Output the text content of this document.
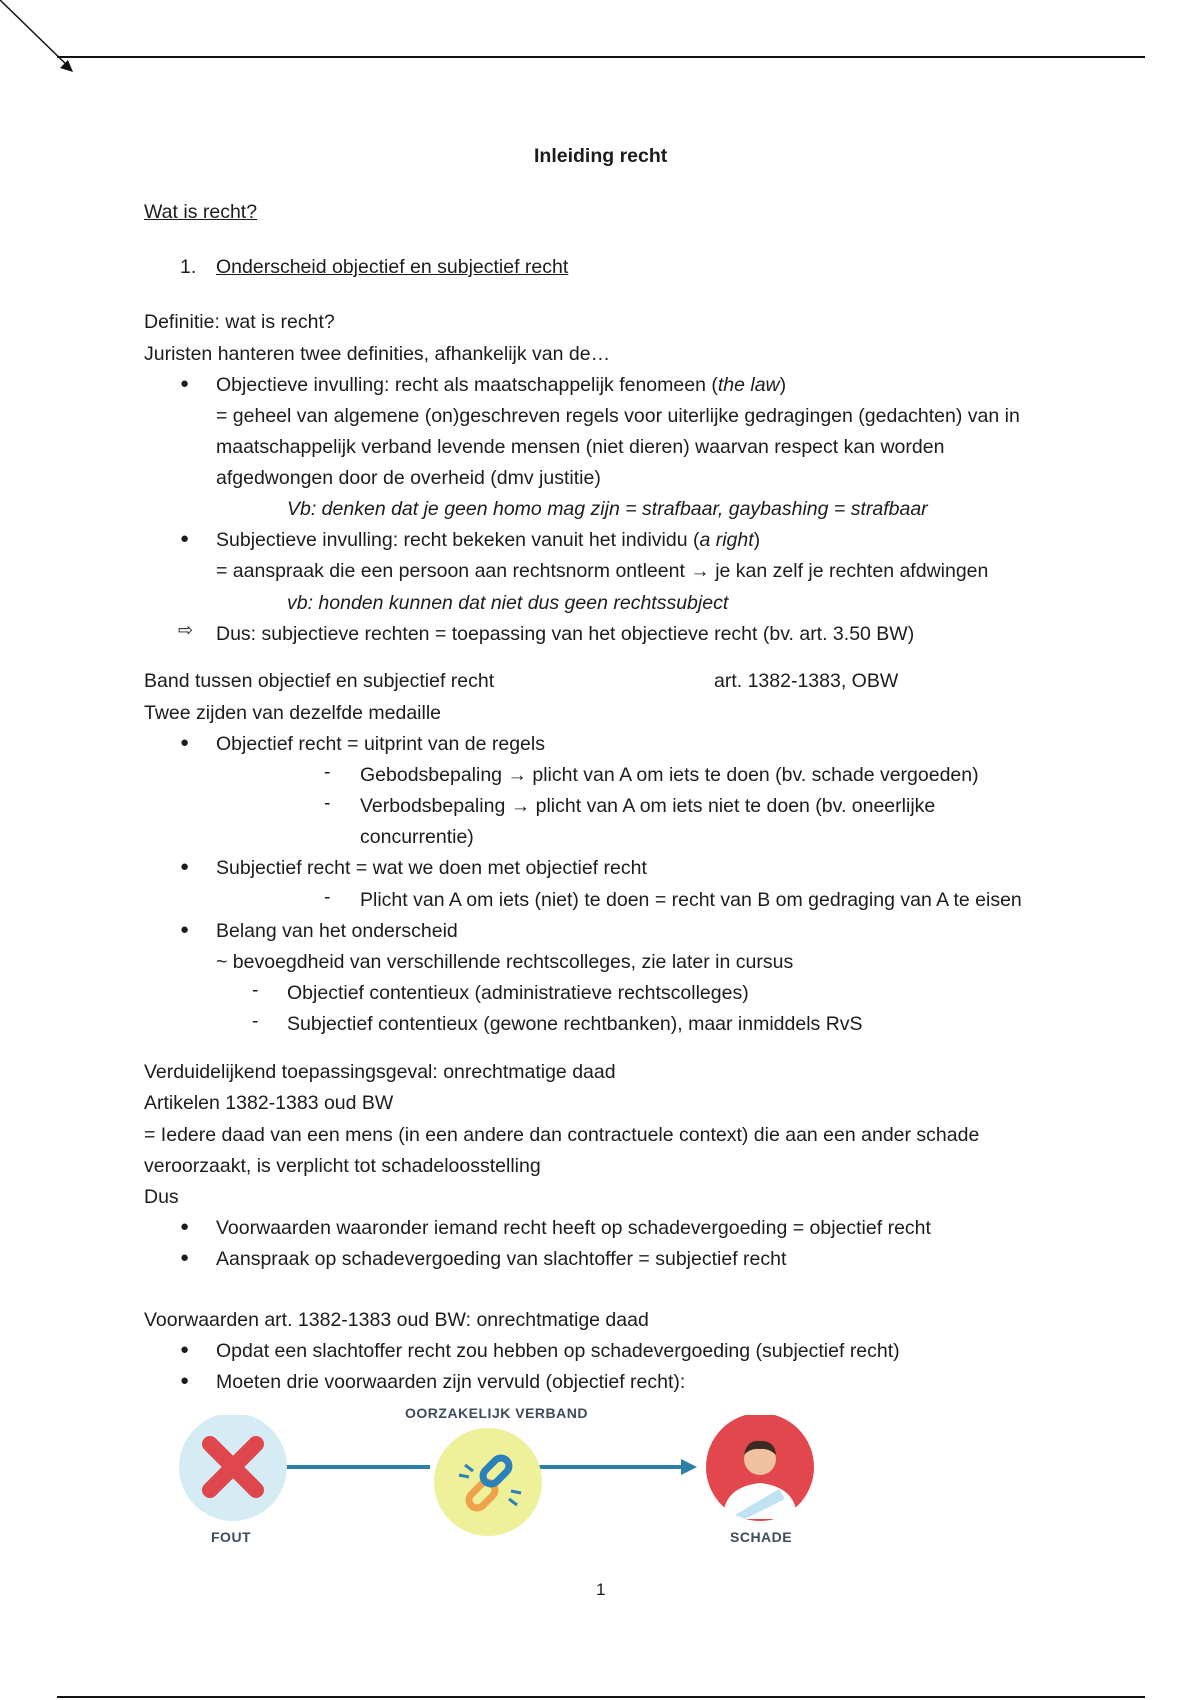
Inleiding recht
Wat is recht?
1. Onderscheid objectief en subjectief recht
Definitie: wat is recht?
Juristen hanteren twee definities, afhankelijk van de…
● Objectieve invulling: recht als maatschappelijk fenomeen (the law)
= geheel van algemene (on)geschreven regels voor uiterlijke gedragingen (gedachten) van in
maatschappelijk verband levende mensen (niet dieren) waarvan respect kan worden
afgedwongen door de overheid (dmv justitie)
Vb: denken dat je geen homo mag zijn = strafbaar, gaybashing = strafbaar
● Subjectieve invulling: recht bekeken vanuit het individu (a right)
= aanspraak die een persoon aan rechtsnorm ontleent → je kan zelf je rechten afdwingen
vb: honden kunnen dat niet dus geen rechtssubject
⇨ Dus: subjectieve rechten = toepassing van het objectieve recht (bv. art. 3.50 BW)
Band tussen objectief en subjectief recht	art. 1382-1383, OBW
Twee zijden van dezelfde medaille
● Objectief recht = uitprint van de regels
- Gebodsbepaling → plicht van A om iets te doen (bv. schade vergoeden)
- Verbodsbepaling → plicht van A om iets niet te doen (bv. oneerlijke
concurrentie)
● Subjectief recht = wat we doen met objectief recht
- Plicht van A om iets (niet) te doen = recht van B om gedraging van A te eisen
● Belang van het onderscheid
~ bevoegdheid van verschillende rechtscolleges, zie later in cursus
- Objectief contentieux (administratieve rechtscolleges)
- Subjectief contentieux (gewone rechtbanken), maar inmiddels RvS
Verduidelijkend toepassingsgeval: onrechtmatige daad
Artikelen 1382-1383 oud BW
= Iedere daad van een mens (in een andere dan contractuele context) die aan een ander schade
veroorzaakt, is verplicht tot schadeloosstelling
Dus
● Voorwaarden waaronder iemand recht heeft op schadevergoeding = objectief recht
● Aanspraak op schadevergoeding van slachtoffer = subjectief recht
Voorwaarden art. 1382-1383 oud BW: onrechtmatige daad
● Opdat een slachtoffer recht zou hebben op schadevergoeding (subjectief recht)
● Moeten drie voorwaarden zijn vervuld (objectief recht):
OORZAKELIJK VERBAND
FOUT	SCHADE
1
